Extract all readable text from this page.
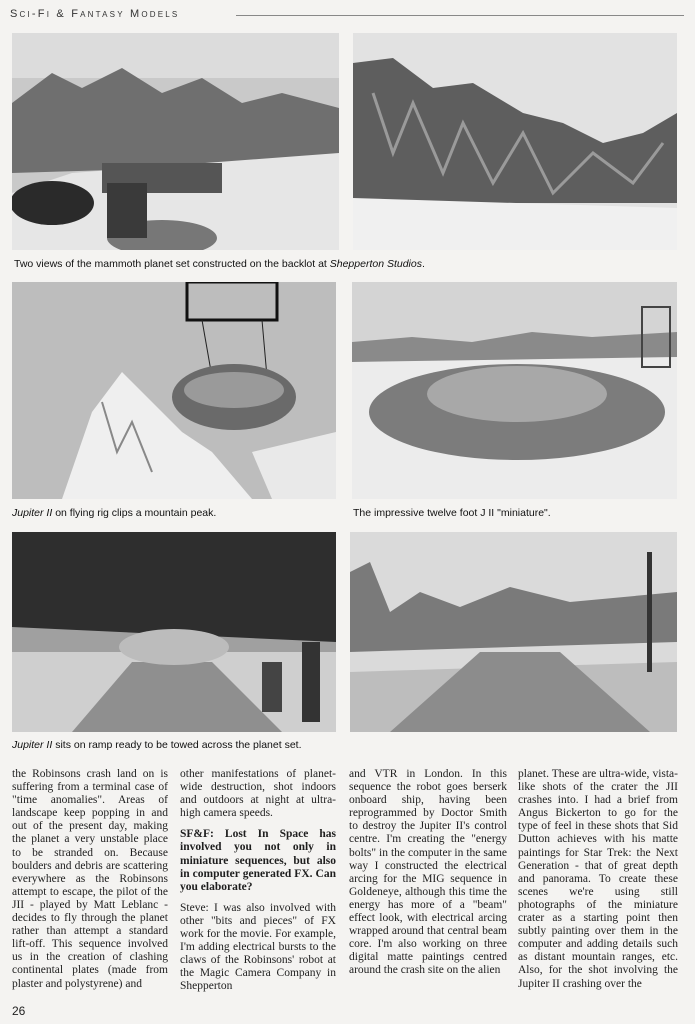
Sci-Fi & Fantasy Models
Two views of the mammoth planet set constructed on the backlot at Shepperton Studios.
Jupiter II on flying rig clips a mountain peak.	The impressive twelve foot J II "miniature".
Jupiter II sits on ramp ready to be towed across the planet set.

the Robinsons crash land on is suffering from a terminal case of "time anomalies". Areas of landscape keep popping in and out of the present day, making the planet a very unstable place to be stranded on. Because boulders and debris are scattering everywhere as the Robinsons attempt to escape, the pilot of the JII - played by Matt Leblanc - decides to fly through the planet rather than attempt a standard lift-off. This sequence involved us in the creation of clashing continental plates (made from plaster and polystyrene) and

other manifestations of planet-wide destruction, shot indoors and outdoors at night at ultra-high camera speeds.

SF&F: Lost In Space has involved you not only in miniature sequences, but also in computer generated FX. Can you elaborate?

Steve: I was also involved with other "bits and pieces" of FX work for the movie. For example, I'm adding electrical bursts to the claws of the Robinsons' robot at the Magic Camera Company in Shepperton

and VTR in London. In this sequence the robot goes berserk onboard ship, having been reprogrammed by Doctor Smith to destroy the Jupiter II's control centre. I'm creating the "energy bolts" in the computer in the same way I constructed the electrical arcing for the MIG sequence in Goldeneye, although this time the energy has more of a "beam" effect look, with electrical arcing wrapped around that central beam core. I'm also working on three digital matte paintings centred around the crash site on the alien

planet. These are ultra-wide, vista-like shots of the crater the JII crashes into. I had a brief from Angus Bickerton to go for the type of feel in these shots that Sid Dutton achieves with his matte paintings for Star Trek: the Next Generation - that of great depth and panorama. To create these scenes we're using still photographs of the miniature crater as a starting point then subtly painting over them in the computer and adding details such as distant mountain ranges, etc. Also, for the shot involving the Jupiter II crashing over the

26
